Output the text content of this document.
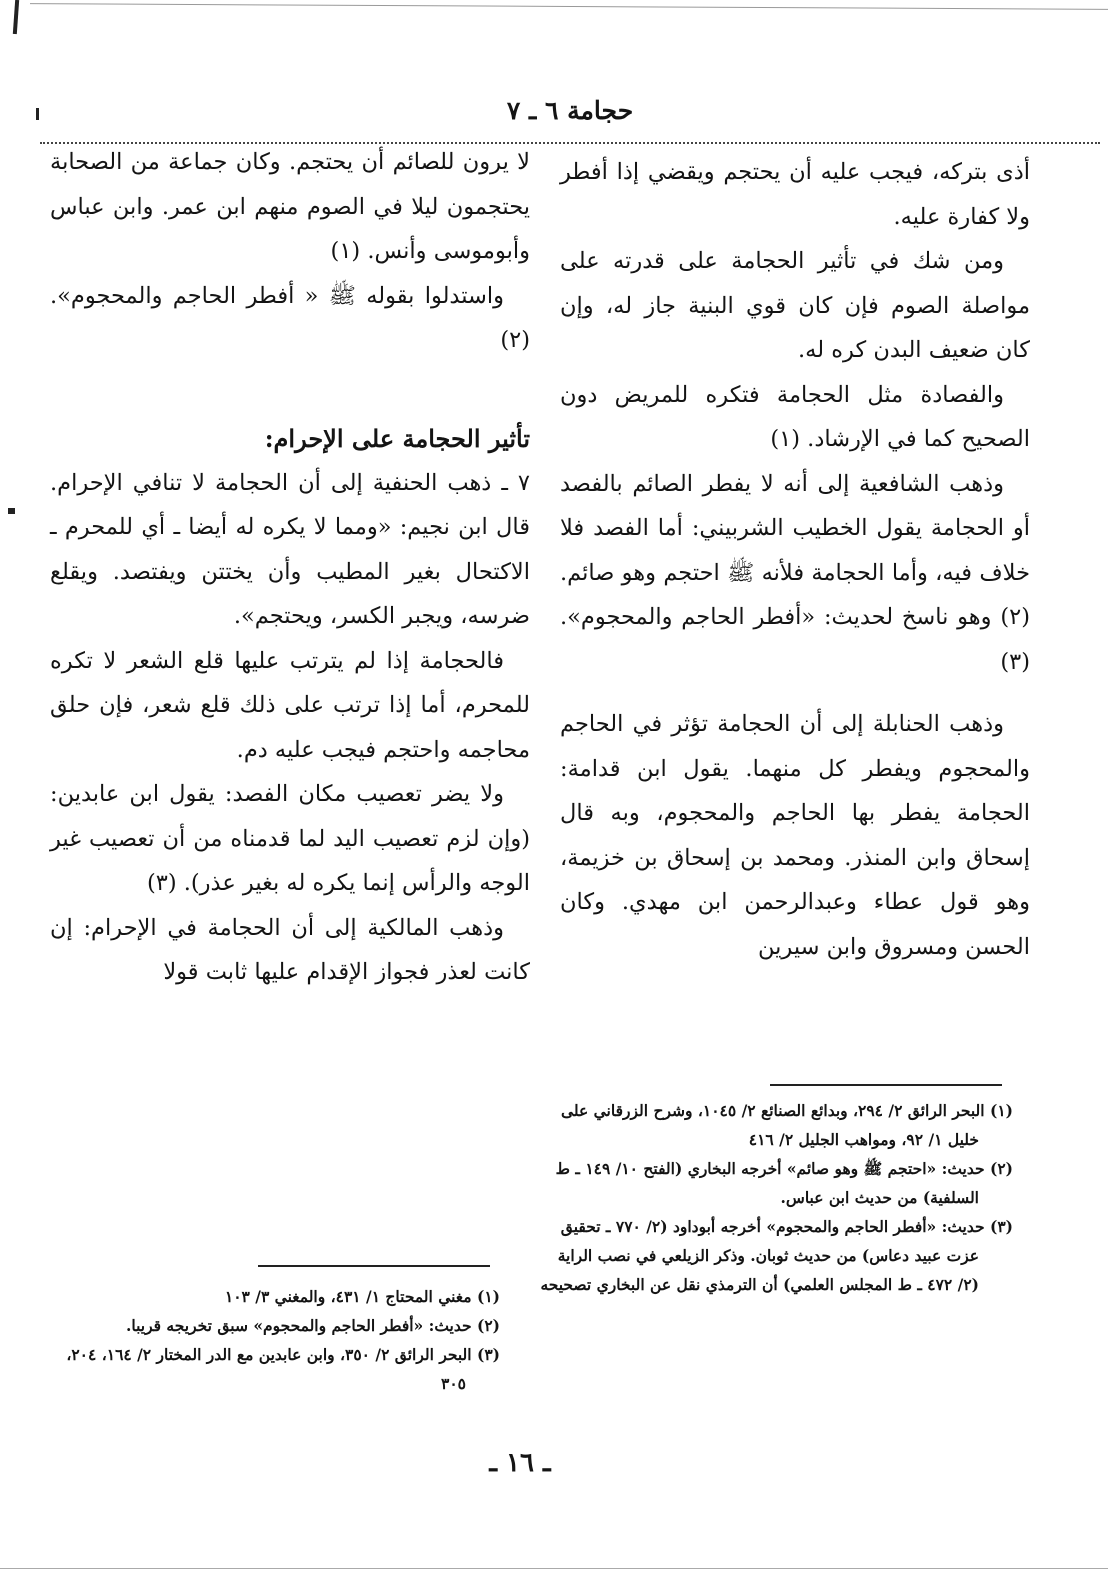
حجامة ٦ ـ ٧

أذى بتركه، فيجب عليه أن يحتجم ويقضي إذا أفطر ولا كفارة عليه.

ومن شك في تأثير الحجامة على قدرته على مواصلة الصوم فإن كان قوي البنية جاز له، وإن كان ضعيف البدن كره له.

والفصادة مثل الحجامة فتكره للمريض دون الصحيح كما في الإرشاد. (١)

وذهب الشافعية إلى أنه لا يفطر الصائم بالفصد أو الحجامة يقول الخطيب الشربيني: أما الفصد فلا خلاف فيه، وأما الحجامة فلأنه ﷺ احتجم وهو صائم. (٢) وهو ناسخ لحديث: «أفطر الحاجم والمحجوم». (٣)

وذهب الحنابلة إلى أن الحجامة تؤثر في الحاجم والمحجوم ويفطر كل منهما. يقول ابن قدامة: الحجامة يفطر بها الحاجم والمحجوم، وبه قال إسحاق وابن المنذر. ومحمد بن إسحاق بن خزيمة، وهو قول عطاء وعبدالرحمن ابن مهدي. وكان الحسن ومسروق وابن سيرين

لا يرون للصائم أن يحتجم. وكان جماعة من الصحابة يحتجمون ليلا في الصوم منهم ابن عمر. وابن عباس وأبوموسى وأنس. (١)

واستدلوا بقوله ﷺ « أفطر الحاجم والمحجوم». (٢)

تأثير الحجامة على الإحرام:

٧ ـ ذهب الحنفية إلى أن الحجامة لا تنافي الإحرام. قال ابن نجيم: «ومما لا يكره له أيضا ـ أي للمحرم ـ الاكتحال بغير المطيب وأن يختتن ويفتصد. ويقلع ضرسه، ويجبر الكسر، ويحتجم».

فالحجامة إذا لم يترتب عليها قلع الشعر لا تكره للمحرم، أما إذا ترتب على ذلك قلع شعر، فإن حلق محاجمه واحتجم فيجب عليه دم.

ولا يضر تعصيب مكان الفصد: يقول ابن عابدين: (وإن لزم تعصيب اليد لما قدمناه من أن تعصيب غير الوجه والرأس إنما يكره له بغير عذر). (٣)

وذهب المالكية إلى أن الحجامة في الإحرام: إن كانت لعذر فجواز الإقدام عليها ثابت قولا

(١) البحر الرائق ٢/ ٢٩٤، وبدائع الصنائع ٢/ ١٠٤٥، وشرح الزرقاني على خليل ١/ ٩٢، ومواهب الجليل ٢/ ٤١٦

(٢) حديث: «احتجم ﷺ وهو صائم» أخرجه البخاري (الفتح ١٠/ ١٤٩ ـ ط السلفية) من حديث ابن عباس.

(٣) حديث: «أفطر الحاجم والمحجوم» أخرجه أبوداود (٢/ ٧٧٠ ـ تحقيق عزت عبيد دعاس) من حديث ثوبان. وذكر الزيلعي في نصب الراية (٢/ ٤٧٢ ـ ط المجلس العلمي) أن الترمذي نقل عن البخاري تصحيحه

(١) مغني المحتاج ١/ ٤٣١، والمغني ٣/ ١٠٣

(٢) حديث: «أفطر الحاجم والمحجوم» سبق تخريجه قريبا.

(٣) البحر الرائق ٢/ ٣٥٠، وابن عابدين مع الدر المختار ٢/ ١٦٤، ٢٠٤، ٣٠٥

ـ ١٦ ـ
